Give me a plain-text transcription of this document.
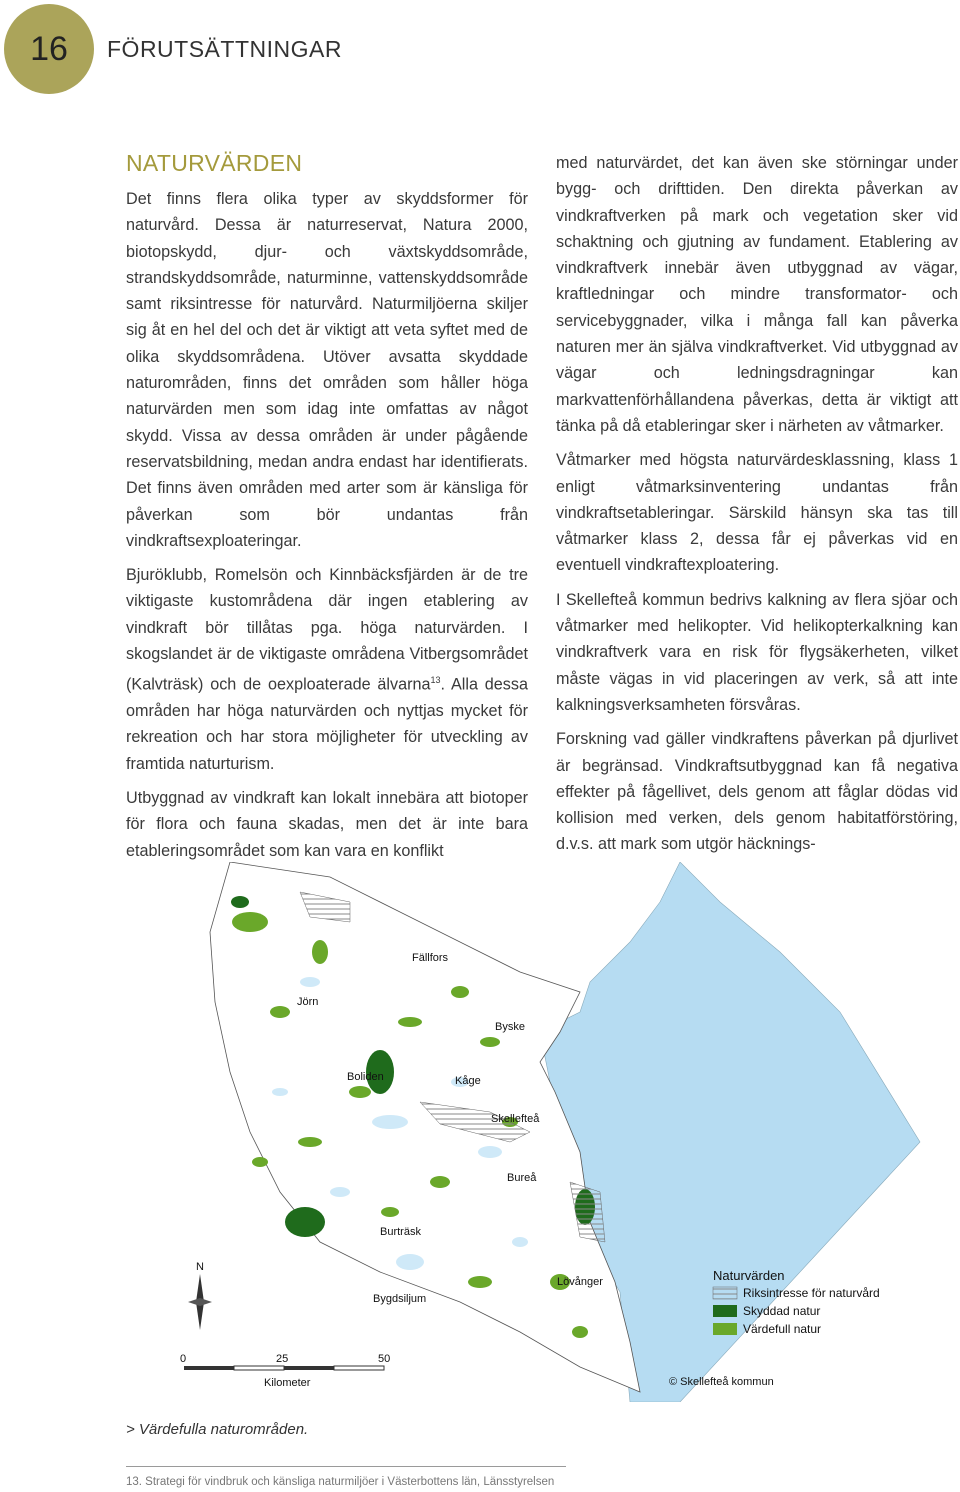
16	FÖRUTSÄTTNINGAR
NATURVÄRDEN

Det finns flera olika typer av skyddsformer för naturvård. Dessa är naturreservat, Natura 2000, biotopskydd, djur- och växtskyddsområde, strandskyddsområde, naturminne, vattenskyddsområde samt riksintresse för naturvård. Naturmiljöerna skiljer sig åt en hel del och det är viktigt att veta syftet med de olika skyddsområdena. Utöver avsatta skyddade naturområden, finns det områden som håller höga naturvärden men som idag inte omfattas av något skydd. Vissa av dessa områden är under pågående reservatsbildning, medan andra endast har identifierats. Det finns även områden med arter som är känsliga för påverkan som bör undantas från vindkraftsexploateringar.

Bjuröklubb, Romelsön och Kinnbäcksfjärden är de tre viktigaste kustområdena där ingen etablering av vindkraft bör tillåtas pga. höga naturvärden. I skogslandet är de viktigaste områdena Vitbergsområdet (Kalvträsk) och de oexploaterade älvarna$^{13}$. Alla dessa områden har höga naturvärden och nyttjas mycket för rekreation och har stora möjligheter för utveckling av framtida naturturism.

Utbyggnad av vindkraft kan lokalt innebära att biotoper för flora och fauna skadas, men det är inte bara etableringsområdet som kan vara en konflikt

med naturvärdet, det kan även ske störningar under bygg- och drifttiden. Den direkta påverkan av vindkraftverken på mark och vegetation sker vid schaktning och gjutning av fundament. Etablering av vindkraftverk innebär även utbyggnad av vägar, kraftledningar och mindre transformator- och servicebyggnader, vilka i många fall kan påverka naturen mer än själva vindkraftverket. Vid utbyggnad av vägar och ledningsdragningar kan markvattenförhållandena påverkas, detta är viktigt att tänka på då etableringar sker i närheten av våtmarker.

Våtmarker med högsta naturvärdesklassning, klass 1 enligt våtmarksinventering undantas från vindkraftsetableringar. Särskild hänsyn ska tas till våtmarker klass 2, dessa får ej påverkas vid en eventuell vindkraftexploatering.

I Skellefteå kommun bedrivs kalkning av flera sjöar och våtmarker med helikopter. Vid helikopterkalkning kan vindkraftverk vara en risk för flygsäkerheten, vilket måste vägas in vid placeringen av verk, så att inte kalkningsverksamheten försvåras.

Forskning vad gäller vindkraftens påverkan på djurlivet är begränsad. Vindkraftsutbyggnad kan få negativa effekter på fågellivet, dels genom att fåglar dödas vid kollision med verken, dels genom habitatförstöring, d.v.s. att mark som utgör häcknings-

Fällfors
Jörn
Byske
Boliden	Kåge
Skellefteå
Bureå
Burträsk
Lövånger
Bygdsiljum
N
0	25	50
Kilometer
Naturvärden
Riksintresse för naturvård
Skyddad natur
Värdefull natur
© Skellefteå kommun
> Värdefulla naturområden.
13. Strategi för vindbruk och känsliga naturmiljöer i Västerbottens län, Länsstyrelsen
